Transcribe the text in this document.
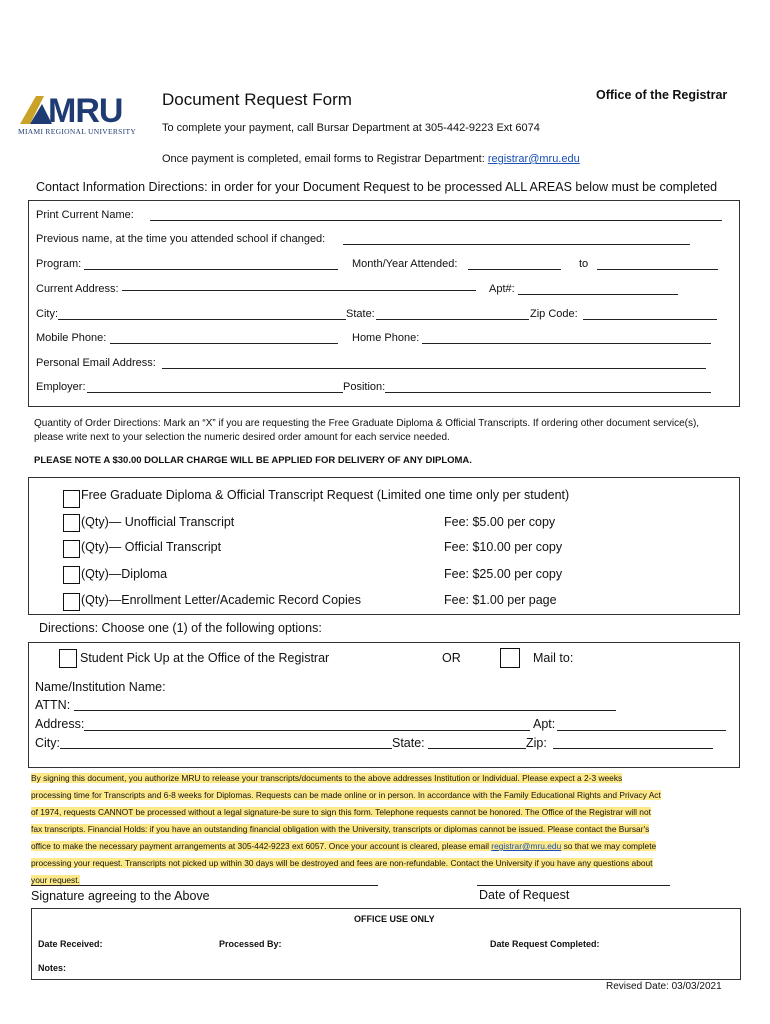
MRU
MIAMI REGIONAL UNIVERSITY
Office of the Registrar
Document Request Form
To complete your payment, call Bursar Department at 305-442-9223 Ext 6074
Once payment is completed, email forms to Registrar Department: registrar@mru.edu
Contact Information Directions: in order for your Document Request to be processed ALL AREAS below must be completed
Print Current Name:
Previous name, at the time you attended school if changed:
Program:	Month/Year Attended:	to
Current Address:	Apt#:
City:	State:	Zip Code:
Mobile Phone:	Home Phone:
Personal Email Address:
Employer:	Position:
Quantity of Order Directions: Mark an “X” if you are requesting the Free Graduate Diploma & Official Transcripts. If ordering other document service(s), please write next to your selection the numeric desired order amount for each service needed.
PLEASE NOTE A $30.00 DOLLAR CHARGE WILL BE APPLIED FOR DELIVERY OF ANY DIPLOMA.
Free Graduate Diploma & Official Transcript Request (Limited one time only per student)
(Qty)— Unofficial Transcript	Fee: $5.00 per copy
(Qty)— Official Transcript	Fee: $10.00 per copy
(Qty)—Diploma	Fee: $25.00 per copy
(Qty)—Enrollment Letter/Academic Record Copies	Fee: $1.00 per page
Directions: Choose one (1) of the following options:
Student Pick Up at the Office of the Registrar	OR	Mail to:
Name/Institution Name:
ATTN:
Address:	Apt:
City:	State:	Zip:
By signing this document, you authorize MRU to release your transcripts/documents to the above addresses Institution or Individual. Please expect a 2-3 weeks
processing time for Transcripts and 6-8 weeks for Diplomas. Requests can be made online or in person. In accordance with the Family Educational Rights and Privacy Act
of 1974, requests CANNOT be processed without a legal signature-be sure to sign this form. Telephone requests cannot be honored. The Office of the Registrar will not
fax transcripts. Financial Holds: if you have an outstanding financial obligation with the University, transcripts or diplomas cannot be issued. Please contact the Bursar's
office to make the necessary payment arrangements at 305-442-9223 ext 6057. Once your account is cleared, please email registrar@mru.edu so that we may complete
processing your request. Transcripts not picked up within 30 days will be destroyed and fees are non-refundable. Contact the University if you have any questions about
your request.
Signature agreeing to the Above	Date of Request
OFFICE USE ONLY
Date Received:	Processed By:	Date Request Completed:
Notes:
Revised Date: 03/03/2021
